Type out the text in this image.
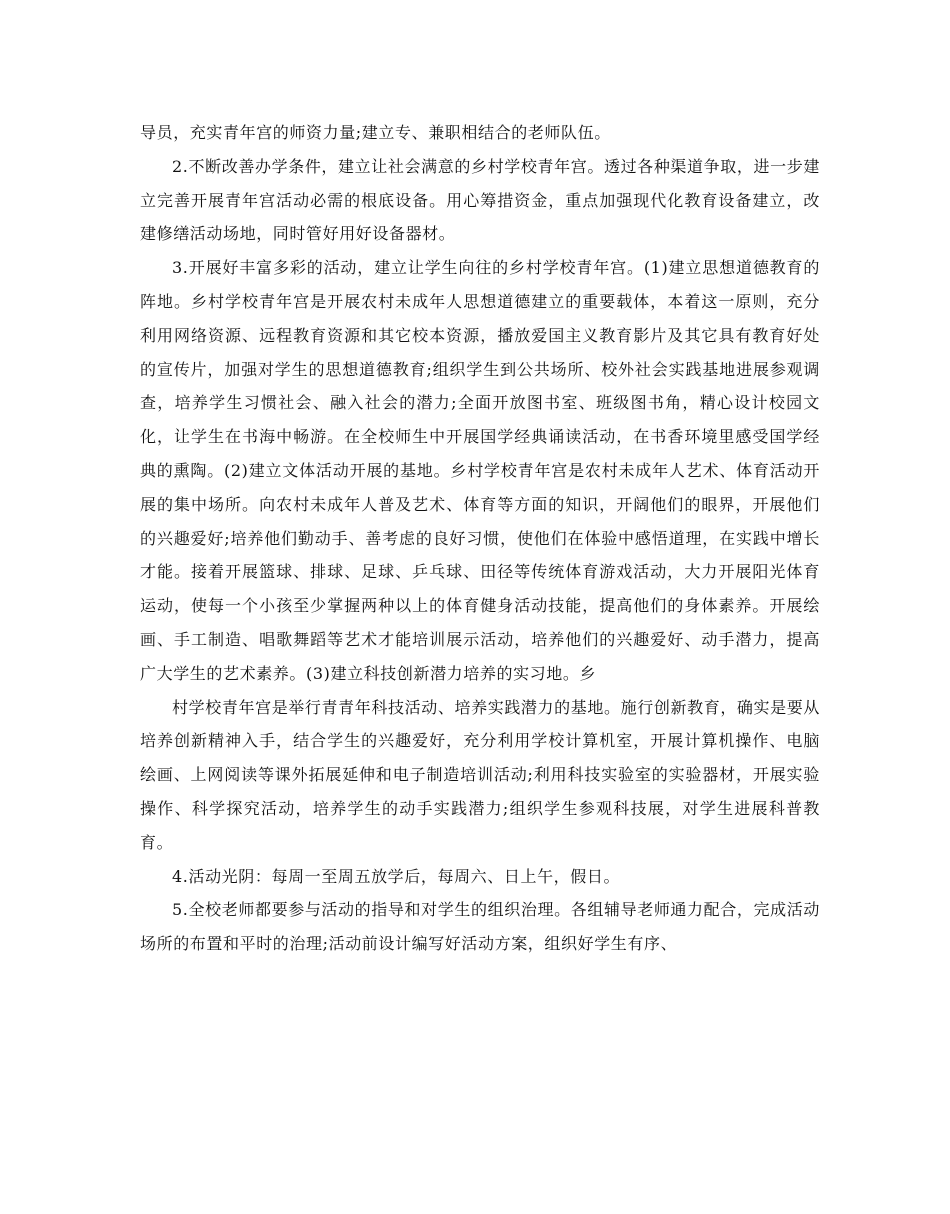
导员，充实青年宫的师资力量;建立专、兼职相结合的老师队伍。

2.不断改善办学条件，建立让社会满意的乡村学校青年宫。透过各种渠道争取，进一步建立完善开展青年宫活动必需的根底设备。用心筹措资金，重点加强现代化教育设备建立，改建修缮活动场地，同时管好用好设备器材。

3.开展好丰富多彩的活动，建立让学生向往的乡村学校青年宫。(1)建立思想道德教育的阵地。乡村学校青年宫是开展农村未成年人思想道德建立的重要载体，本着这一原则，充分利用网络资源、远程教育资源和其它校本资源，播放爱国主义教育影片及其它具有教育好处的宣传片，加强对学生的思想道德教育;组织学生到公共场所、校外社会实践基地进展参观调查，培养学生习惯社会、融入社会的潜力;全面开放图书室、班级图书角，精心设计校园文化，让学生在书海中畅游。在全校师生中开展国学经典诵读活动，在书香环境里感受国学经典的熏陶。(2)建立文体活动开展的基地。乡村学校青年宫是农村未成年人艺术、体育活动开展的集中场所。向农村未成年人普及艺术、体育等方面的知识，开阔他们的眼界，开展他们的兴趣爱好;培养他们勤动手、善考虑的良好习惯，使他们在体验中感悟道理，在实践中增长才能。接着开展篮球、排球、足球、乒乓球、田径等传统体育游戏活动，大力开展阳光体育运动，使每一个小孩至少掌握两种以上的体育健身活动技能，提高他们的身体素养。开展绘画、手工制造、唱歌舞蹈等艺术才能培训展示活动，培养他们的兴趣爱好、动手潜力，提高广大学生的艺术素养。(3)建立科技创新潜力培养的实习地。乡

村学校青年宫是举行青青年科技活动、培养实践潜力的基地。施行创新教育，确实是要从培养创新精神入手，结合学生的兴趣爱好，充分利用学校计算机室，开展计算机操作、电脑绘画、上网阅读等课外拓展延伸和电子制造培训活动;利用科技实验室的实验器材，开展实验操作、科学探究活动，培养学生的动手实践潜力;组织学生参观科技展，对学生进展科普教育。

4.活动光阴：每周一至周五放学后，每周六、日上午，假日。

5.全校老师都要参与活动的指导和对学生的组织治理。各组辅导老师通力配合，完成活动场所的布置和平时的治理;活动前设计编写好活动方案，组织好学生有序、
